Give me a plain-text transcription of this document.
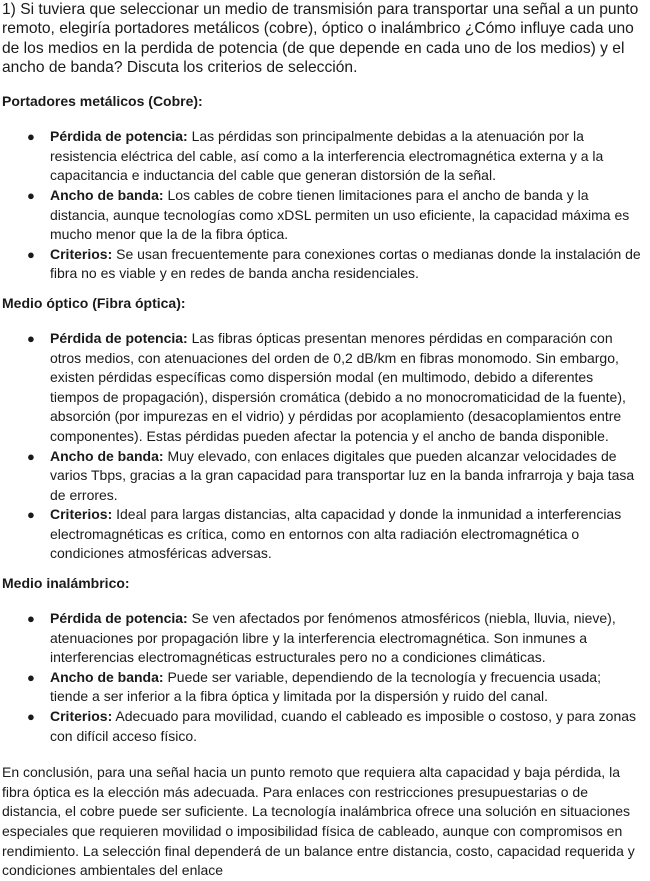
1) Si tuviera que seleccionar un medio de transmisión para transportar una señal a un punto remoto, elegiría portadores metálicos (cobre), óptico o inalámbrico ¿Cómo influye cada uno de los medios en la perdida de potencia (de que depende en cada uno de los medios) y el ancho de banda? Discuta los criterios de selección.

Portadores metálicos (Cobre):

● Pérdida de potencia: Las pérdidas son principalmente debidas a la atenuación por la resistencia eléctrica del cable, así como a la interferencia electromagnética externa y a la capacitancia e inductancia del cable que generan distorsión de la señal.
● Ancho de banda: Los cables de cobre tienen limitaciones para el ancho de banda y la distancia, aunque tecnologías como xDSL permiten un uso eficiente, la capacidad máxima es mucho menor que la de la fibra óptica.
● Criterios: Se usan frecuentemente para conexiones cortas o medianas donde la instalación de fibra no es viable y en redes de banda ancha residenciales.

Medio óptico (Fibra óptica):

● Pérdida de potencia: Las fibras ópticas presentan menores pérdidas en comparación con otros medios, con atenuaciones del orden de 0,2 dB/km en fibras monomodo. Sin embargo, existen pérdidas específicas como dispersión modal (en multimodo, debido a diferentes tiempos de propagación), dispersión cromática (debido a no monocromaticidad de la fuente), absorción (por impurezas en el vidrio) y pérdidas por acoplamiento (desacoplamientos entre componentes). Estas pérdidas pueden afectar la potencia y el ancho de banda disponible.
● Ancho de banda: Muy elevado, con enlaces digitales que pueden alcanzar velocidades de varios Tbps, gracias a la gran capacidad para transportar luz en la banda infrarroja y baja tasa de errores.
● Criterios: Ideal para largas distancias, alta capacidad y donde la inmunidad a interferencias electromagnéticas es crítica, como en entornos con alta radiación electromagnética o condiciones atmosféricas adversas.

Medio inalámbrico:

● Pérdida de potencia: Se ven afectados por fenómenos atmosféricos (niebla, lluvia, nieve), atenuaciones por propagación libre y la interferencia electromagnética. Son inmunes a interferencias electromagnéticas estructurales pero no a condiciones climáticas.
● Ancho de banda: Puede ser variable, dependiendo de la tecnología y frecuencia usada; tiende a ser inferior a la fibra óptica y limitada por la dispersión y ruido del canal.
● Criterios: Adecuado para movilidad, cuando el cableado es imposible o costoso, y para zonas con difícil acceso físico.

En conclusión, para una señal hacia un punto remoto que requiera alta capacidad y baja pérdida, la fibra óptica es la elección más adecuada. Para enlaces con restricciones presupuestarias o de distancia, el cobre puede ser suficiente. La tecnología inalámbrica ofrece una solución en situaciones especiales que requieren movilidad o imposibilidad física de cableado, aunque con compromisos en rendimiento. La selección final dependerá de un balance entre distancia, costo, capacidad requerida y condiciones ambientales del enlace
